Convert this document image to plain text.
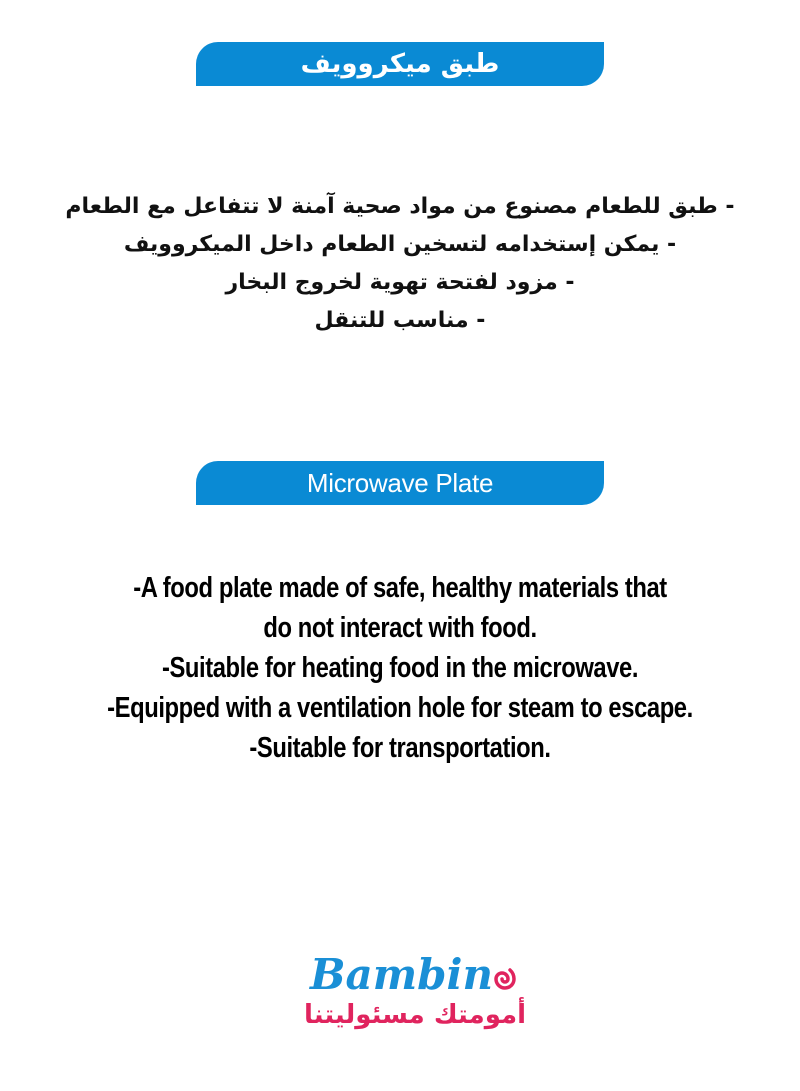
طبق ميكروويف
- طبق للطعام مصنوع من مواد صحية آمنة لا تتفاعل مع الطعام
- يمكن إستخدامه لتسخين الطعام داخل الميكروويف
- مزود لفتحة تهوية لخروج البخار
- مناسب للتنقل
Microwave Plate
-A food plate made of safe, healthy materials that
do not interact with food.
-Suitable for heating food in the microwave.
-Equipped with a ventilation hole for steam to escape.
-Suitable for transportation.
Bambin
أمومتك مسئوليتنا
